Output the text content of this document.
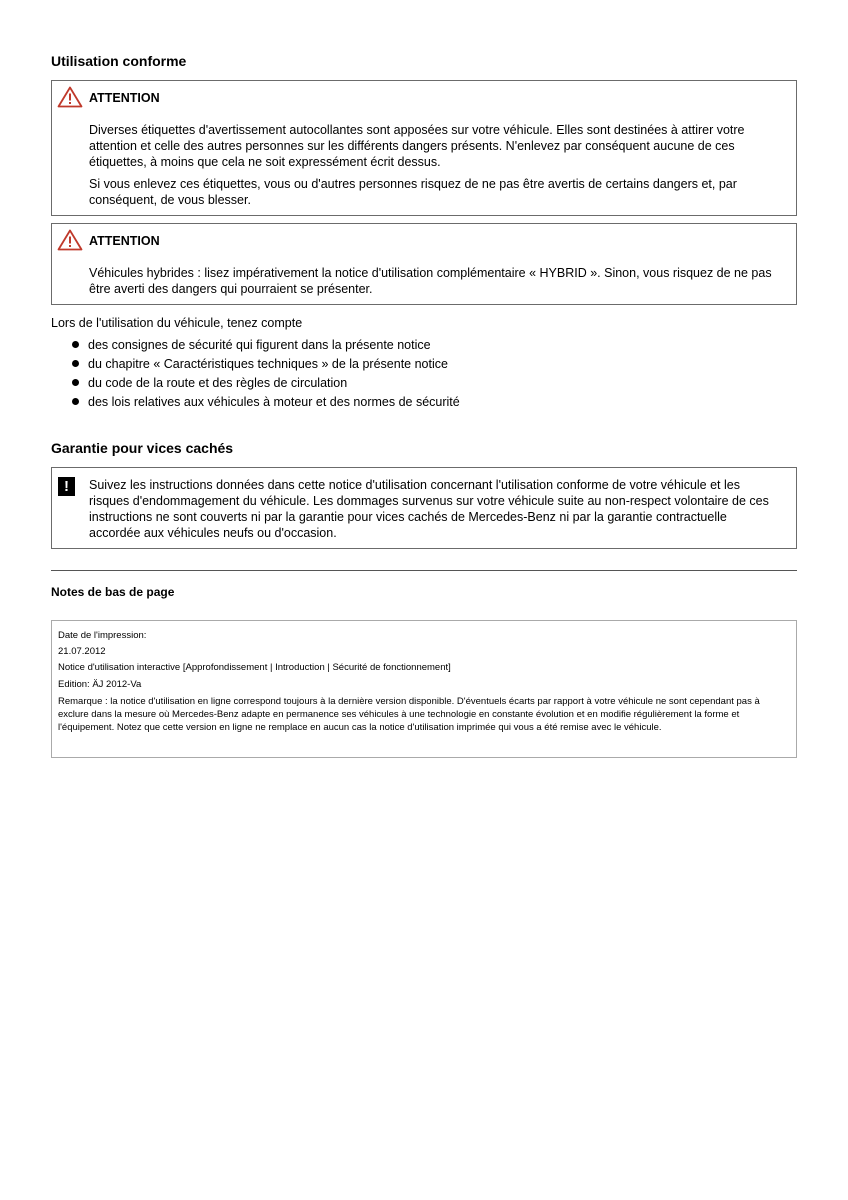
Utilisation conforme
ATTENTION

Diverses étiquettes d'avertissement autocollantes sont apposées sur votre véhicule. Elles sont destinées à attirer votre attention et celle des autres personnes sur les différents dangers présents. N'enlevez par conséquent aucune de ces étiquettes, à moins que cela ne soit expressément écrit dessus.

Si vous enlevez ces étiquettes, vous ou d'autres personnes risquez de ne pas être avertis de certains dangers et, par conséquent, de vous blesser.

ATTENTION

Véhicules hybrides : lisez impérativement la notice d'utilisation complémentaire « HYBRID ». Sinon, vous risquez de ne pas être averti des dangers qui pourraient se présenter.

Lors de l'utilisation du véhicule, tenez compte
des consignes de sécurité qui figurent dans la présente notice
du chapitre « Caractéristiques techniques » de la présente notice
du code de la route et des règles de circulation
des lois relatives aux véhicules à moteur et des normes de sécurité
Garantie pour vices cachés
!	Suivez les instructions données dans cette notice d'utilisation concernant l'utilisation conforme de votre véhicule et les risques d'endommagement du véhicule. Les dommages survenus sur votre véhicule suite au non-respect volontaire de ces instructions ne sont couverts ni par la garantie pour vices cachés de Mercedes-Benz ni par la garantie contractuelle accordée aux véhicules neufs ou d'occasion.

Notes de bas de page
Date de l'impression:
21.07.2012
Notice d'utilisation interactive [Approfondissement | Introduction | Sécurité de fonctionnement]
Edition: ÄJ 2012-Va
Remarque : la notice d'utilisation en ligne correspond toujours à la dernière version disponible. D'éventuels écarts par rapport à votre véhicule ne sont cependant pas à exclure dans la mesure où Mercedes-Benz adapte en permanence ses véhicules à une technologie en constante évolution et en modifie régulièrement la forme et l'équipement. Notez que cette version en ligne ne remplace en aucun cas la notice d'utilisation imprimée qui vous a été remise avec le véhicule.
